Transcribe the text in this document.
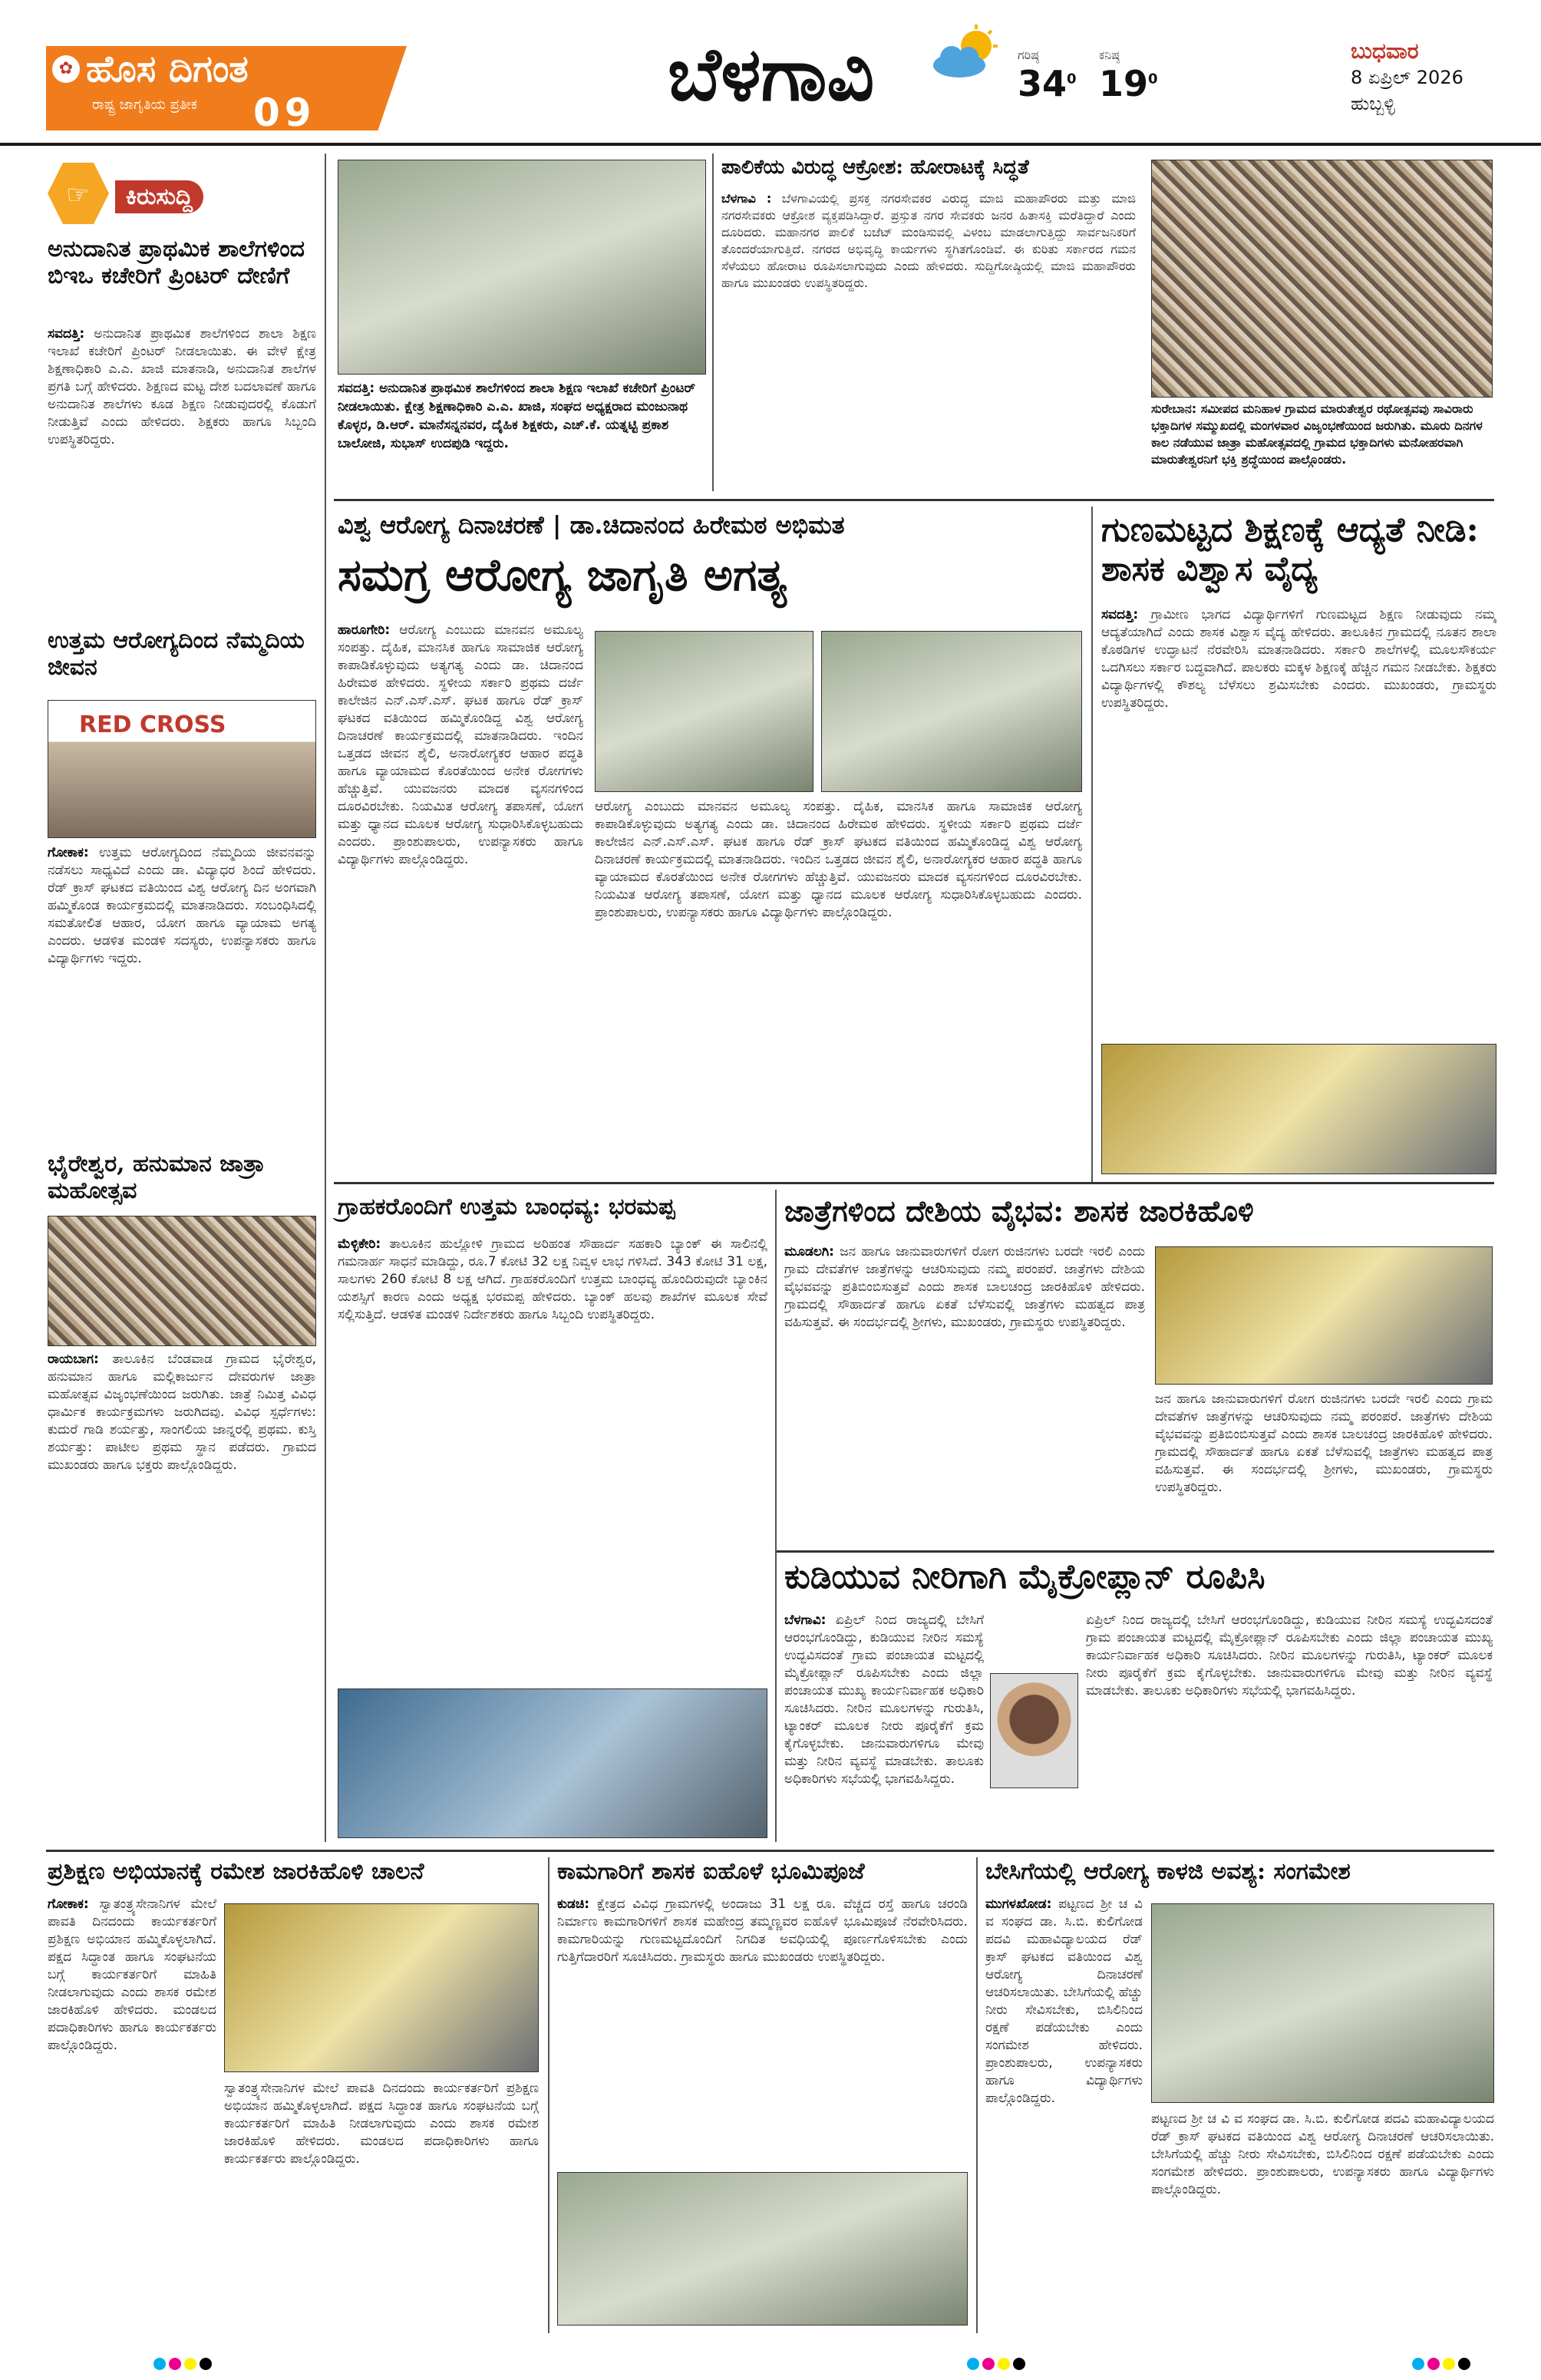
✿ ಹೊಸ ದಿಗಂತ
ರಾಷ್ಟ್ರ ಜಾಗೃತಿಯ ಪ್ರತೀಕ 09	ಬೆಳಗಾವಿ	ಗರಿಷ್ಠ
$34^0$
ಕನಿಷ್ಠ
$19^0$
ಬುಧವಾರ
8 ಏಪ್ರಿಲ್ 2026
ಹುಬ್ಬಳ್ಳಿ
☞	ಕಿರುಸುದ್ದಿ
ಅನುದಾನಿತ ಪ್ರಾಥಮಿಕ ಶಾಲೆಗಳಿಂದ ಬಿಇಒ ಕಚೇರಿಗೆ ಪ್ರಿಂಟರ್ ದೇಣಿಗೆ
ಸವದತ್ತಿ: ಅನುದಾನಿತ ಪ್ರಾಥಮಿಕ ಶಾಲೆಗಳಿಂದ ಶಾಲಾ ಶಿಕ್ಷಣ ಇಲಾಖೆ ಕಚೇರಿಗೆ ಪ್ರಿಂಟರ್ ನೀಡಲಾಯಿತು. ಈ ವೇಳೆ ಕ್ಷೇತ್ರ ಶಿಕ್ಷಣಾಧಿಕಾರಿ ಎ.ಎ. ಖಾಜಿ ಮಾತನಾಡಿ, ಅನುದಾನಿತ ಶಾಲೆಗಳ ಪ್ರಗತಿ ಬಗ್ಗೆ ಹೇಳಿದರು. ಶಿಕ್ಷಣದ ಮಟ್ಟ ದೇಶ ಬದಲಾವಣೆ ಹಾಗೂ ಅನುದಾನಿತ ಶಾಲೆಗಳು ಕೂಡ ಶಿಕ್ಷಣ ನೀಡುವುದರಲ್ಲಿ ಕೊಡುಗೆ ನೀಡುತ್ತಿವೆ ಎಂದು ಹೇಳಿದರು. ಶಿಕ್ಷಕರು ಹಾಗೂ ಸಿಬ್ಬಂದಿ ಉಪಸ್ಥಿತರಿದ್ದರು.
ಉತ್ತಮ ಆರೋಗ್ಯದಿಂದ ನೆಮ್ಮದಿಯ ಜೀವನ
RED CROSS
ಗೋಕಾಕ: ಉತ್ತಮ ಆರೋಗ್ಯದಿಂದ ನೆಮ್ಮದಿಯ ಜೀವನವನ್ನು ನಡೆಸಲು ಸಾಧ್ಯವಿದೆ ಎಂದು ಡಾ. ವಿದ್ಯಾಧರ ಶಿಂದೆ ಹೇಳಿದರು. ರೆಡ್ ಕ್ರಾಸ್ ಘಟಕದ ವತಿಯಿಂದ ವಿಶ್ವ ಆರೋಗ್ಯ ದಿನ ಅಂಗವಾಗಿ ಹಮ್ಮಿಕೊಂಡ ಕಾರ್ಯಕ್ರಮದಲ್ಲಿ ಮಾತನಾಡಿದರು. ಸಂಬಂಧಿಸಿದಲ್ಲಿ ಸಮತೋಲಿತ ಆಹಾರ, ಯೋಗ ಹಾಗೂ ವ್ಯಾಯಾಮ ಅಗತ್ಯ ಎಂದರು. ಆಡಳಿತ ಮಂಡಳಿ ಸದಸ್ಯರು, ಉಪನ್ಯಾಸಕರು ಹಾಗೂ ವಿದ್ಯಾರ್ಥಿಗಳು ಇದ್ದರು.
ಭೈರೇಶ್ವರ, ಹನುಮಾನ ಜಾತ್ರಾ ಮಹೋತ್ಸವ
ರಾಯಬಾಗ: ತಾಲೂಕಿನ ಬೆಂಡವಾಡ ಗ್ರಾಮದ ಭೈರೇಶ್ವರ, ಹನುಮಾನ ಹಾಗೂ ಮಲ್ಲಿಕಾರ್ಜುನ ದೇವರುಗಳ ಜಾತ್ರಾ ಮಹೋತ್ಸವ ವಿಜೃಂಭಣೆಯಿಂದ ಜರುಗಿತು. ಜಾತ್ರೆ ನಿಮಿತ್ತ ವಿವಿಧ ಧಾರ್ಮಿಕ ಕಾರ್ಯಕ್ರಮಗಳು ಜರುಗಿದವು. ವಿವಿಧ ಸ್ಪರ್ಧೆಗಳು: ಕುದುರೆ ಗಾಡಿ ಶರ್ಯತ್ತು, ಸಾಂಗಲಿಯ ಜಾನ್ನರಲ್ಲಿ ಪ್ರಥಮ. ಕುಸ್ತಿ ಶರ್ಯತ್ತು: ಪಾಟೀಲ ಪ್ರಥಮ ಸ್ಥಾನ ಪಡೆದರು. ಗ್ರಾಮದ ಮುಖಂಡರು ಹಾಗೂ ಭಕ್ತರು ಪಾಲ್ಗೊಂಡಿದ್ದರು.
ಸವದತ್ತಿ: ಅನುದಾನಿತ ಪ್ರಾಥಮಿಕ ಶಾಲೆಗಳಿಂದ ಶಾಲಾ ಶಿಕ್ಷಣ ಇಲಾಖೆ ಕಚೇರಿಗೆ ಪ್ರಿಂಟರ್ ನೀಡಲಾಯಿತು. ಕ್ಷೇತ್ರ ಶಿಕ್ಷಣಾಧಿಕಾರಿ ಎ.ಎ. ಖಾಜಿ, ಸಂಘದ ಅಧ್ಯಕ್ಷರಾದ ಮಂಜುನಾಥ ಕೊಳ್ಳರ, ಡಿ.ಆರ್. ಮಾನೆಸನ್ನನವರ, ದೈಹಿಕ ಶಿಕ್ಷಕರು, ಎಚ್.ಕೆ. ಯತ್ನಟ್ಟಿ ಪ್ರಕಾಶ ಬಾಲೋಜಿ, ಸುಭಾಸ್ ಉದಪುಡಿ ಇದ್ದರು.
ಪಾಲಿಕೆಯ ವಿರುದ್ಧ ಆಕ್ರೋಶ: ಹೋರಾಟಕ್ಕೆ ಸಿದ್ಧತೆ
ಬೆಳಗಾವಿ : ಬೆಳಗಾವಿಯಲ್ಲಿ ಪ್ರಸಕ್ತ ನಗರಸೇವಕರ ವಿರುದ್ಧ ಮಾಜಿ ಮಹಾಪೌರರು ಮತ್ತು ಮಾಜಿ ನಗರಸೇವಕರು ಆಕ್ರೋಶ ವ್ಯಕ್ತಪಡಿಸಿದ್ದಾರೆ. ಪ್ರಸ್ತುತ ನಗರ ಸೇವಕರು ಜನರ ಹಿತಾಸಕ್ತಿ ಮರೆತಿದ್ದಾರೆ ಎಂದು ದೂರಿದರು. ಮಹಾನಗರ ಪಾಲಿಕೆ ಬಜೆಟ್ ಮಂಡಿಸುವಲ್ಲಿ ವಿಳಂಬ ಮಾಡಲಾಗುತ್ತಿದ್ದು ಸಾರ್ವಜನಿಕರಿಗೆ ತೊಂದರೆಯಾಗುತ್ತಿದೆ. ನಗರದ ಅಭಿವೃದ್ಧಿ ಕಾರ್ಯಗಳು ಸ್ಥಗಿತಗೊಂಡಿವೆ. ಈ ಕುರಿತು ಸರ್ಕಾರದ ಗಮನ ಸೆಳೆಯಲು ಹೋರಾಟ ರೂಪಿಸಲಾಗುವುದು ಎಂದು ಹೇಳಿದರು. ಸುದ್ದಿಗೋಷ್ಠಿಯಲ್ಲಿ ಮಾಜಿ ಮಹಾಪೌರರು ಹಾಗೂ ಮುಖಂಡರು ಉಪಸ್ಥಿತರಿದ್ದರು.
ಸುರೇಬಾನ: ಸಮೀಪದ ಮನಿಹಾಳ ಗ್ರಾಮದ ಮಾರುತೇಶ್ವರ ರಥೋತ್ಸವವು ಸಾವಿರಾರು ಭಕ್ತಾದಿಗಳ ಸಮ್ಮುಖದಲ್ಲಿ ಮಂಗಳವಾರ ವಿಜೃಂಭಣೆಯಿಂದ ಜರುಗಿತು. ಮೂರು ದಿನಗಳ ಕಾಲ ನಡೆಯುವ ಜಾತ್ರಾ ಮಹೋತ್ಸವದಲ್ಲಿ ಗ್ರಾಮದ ಭಕ್ತಾದಿಗಳು ಮನೋಹರವಾಗಿ ಮಾರುತೇಶ್ವರನಿಗೆ ಭಕ್ತಿ ಶ್ರದ್ಧೆಯಿಂದ ಪಾಲ್ಗೊಂಡರು.
ವಿಶ್ವ ಆರೋಗ್ಯ ದಿನಾಚರಣೆ | ಡಾ.ಚಿದಾನಂದ ಹಿರೇಮಠ ಅಭಿಮತ
ಸಮಗ್ರ ಆರೋಗ್ಯ ಜಾಗೃತಿ ಅಗತ್ಯ
ಹಾರೂಗೇರಿ: ಆರೋಗ್ಯ ಎಂಬುದು ಮಾನವನ ಅಮೂಲ್ಯ ಸಂಪತ್ತು. ದೈಹಿಕ, ಮಾನಸಿಕ ಹಾಗೂ ಸಾಮಾಜಿಕ ಆರೋಗ್ಯ ಕಾಪಾಡಿಕೊಳ್ಳುವುದು ಅತ್ಯಗತ್ಯ ಎಂದು ಡಾ. ಚಿದಾನಂದ ಹಿರೇಮಠ ಹೇಳಿದರು. ಸ್ಥಳೀಯ ಸರ್ಕಾರಿ ಪ್ರಥಮ ದರ್ಜೆ ಕಾಲೇಜಿನ ಎನ್.ಎಸ್.ಎಸ್. ಘಟಕ ಹಾಗೂ ರೆಡ್ ಕ್ರಾಸ್ ಘಟಕದ ವತಿಯಿಂದ ಹಮ್ಮಿಕೊಂಡಿದ್ದ ವಿಶ್ವ ಆರೋಗ್ಯ ದಿನಾಚರಣೆ ಕಾರ್ಯಕ್ರಮದಲ್ಲಿ ಮಾತನಾಡಿದರು. ಇಂದಿನ ಒತ್ತಡದ ಜೀವನ ಶೈಲಿ, ಅನಾರೋಗ್ಯಕರ ಆಹಾರ ಪದ್ಧತಿ ಹಾಗೂ ವ್ಯಾಯಾಮದ ಕೊರತೆಯಿಂದ ಅನೇಕ ರೋಗಗಳು ಹೆಚ್ಚುತ್ತಿವೆ. ಯುವಜನರು ಮಾದಕ ವ್ಯಸನಗಳಿಂದ ದೂರವಿರಬೇಕು. ನಿಯಮಿತ ಆರೋಗ್ಯ ತಪಾಸಣೆ, ಯೋಗ ಮತ್ತು ಧ್ಯಾನದ ಮೂಲಕ ಆರೋಗ್ಯ ಸುಧಾರಿಸಿಕೊಳ್ಳಬಹುದು ಎಂದರು. ಪ್ರಾಂಶುಪಾಲರು, ಉಪನ್ಯಾಸಕರು ಹಾಗೂ ವಿದ್ಯಾರ್ಥಿಗಳು ಪಾಲ್ಗೊಂಡಿದ್ದರು.
ಆರೋಗ್ಯ ಎಂಬುದು ಮಾನವನ ಅಮೂಲ್ಯ ಸಂಪತ್ತು. ದೈಹಿಕ, ಮಾನಸಿಕ ಹಾಗೂ ಸಾಮಾಜಿಕ ಆರೋಗ್ಯ ಕಾಪಾಡಿಕೊಳ್ಳುವುದು ಅತ್ಯಗತ್ಯ ಎಂದು ಡಾ. ಚಿದಾನಂದ ಹಿರೇಮಠ ಹೇಳಿದರು. ಸ್ಥಳೀಯ ಸರ್ಕಾರಿ ಪ್ರಥಮ ದರ್ಜೆ ಕಾಲೇಜಿನ ಎನ್.ಎಸ್.ಎಸ್. ಘಟಕ ಹಾಗೂ ರೆಡ್ ಕ್ರಾಸ್ ಘಟಕದ ವತಿಯಿಂದ ಹಮ್ಮಿಕೊಂಡಿದ್ದ ವಿಶ್ವ ಆರೋಗ್ಯ ದಿನಾಚರಣೆ ಕಾರ್ಯಕ್ರಮದಲ್ಲಿ ಮಾತನಾಡಿದರು. ಇಂದಿನ ಒತ್ತಡದ ಜೀವನ ಶೈಲಿ, ಅನಾರೋಗ್ಯಕರ ಆಹಾರ ಪದ್ಧತಿ ಹಾಗೂ ವ್ಯಾಯಾಮದ ಕೊರತೆಯಿಂದ ಅನೇಕ ರೋಗಗಳು ಹೆಚ್ಚುತ್ತಿವೆ. ಯುವಜನರು ಮಾದಕ ವ್ಯಸನಗಳಿಂದ ದೂರವಿರಬೇಕು. ನಿಯಮಿತ ಆರೋಗ್ಯ ತಪಾಸಣೆ, ಯೋಗ ಮತ್ತು ಧ್ಯಾನದ ಮೂಲಕ ಆರೋಗ್ಯ ಸುಧಾರಿಸಿಕೊಳ್ಳಬಹುದು ಎಂದರು. ಪ್ರಾಂಶುಪಾಲರು, ಉಪನ್ಯಾಸಕರು ಹಾಗೂ ವಿದ್ಯಾರ್ಥಿಗಳು ಪಾಲ್ಗೊಂಡಿದ್ದರು.
ಗುಣಮಟ್ಟದ ಶಿಕ್ಷಣಕ್ಕೆ ಆದ್ಯತೆ ನೀಡಿ: ಶಾಸಕ ವಿಶ್ವಾಸ ವೈದ್ಯ
ಸವದತ್ತಿ: ಗ್ರಾಮೀಣ ಭಾಗದ ವಿದ್ಯಾರ್ಥಿಗಳಿಗೆ ಗುಣಮಟ್ಟದ ಶಿಕ್ಷಣ ನೀಡುವುದು ನಮ್ಮ ಆದ್ಯತೆಯಾಗಿದೆ ಎಂದು ಶಾಸಕ ವಿಶ್ವಾಸ ವೈದ್ಯ ಹೇಳಿದರು. ತಾಲೂಕಿನ ಗ್ರಾಮದಲ್ಲಿ ನೂತನ ಶಾಲಾ ಕೊಠಡಿಗಳ ಉದ್ಘಾಟನೆ ನೆರವೇರಿಸಿ ಮಾತನಾಡಿದರು. ಸರ್ಕಾರಿ ಶಾಲೆಗಳಲ್ಲಿ ಮೂಲಸೌಕರ್ಯ ಒದಗಿಸಲು ಸರ್ಕಾರ ಬದ್ಧವಾಗಿದೆ. ಪಾಲಕರು ಮಕ್ಕಳ ಶಿಕ್ಷಣಕ್ಕೆ ಹೆಚ್ಚಿನ ಗಮನ ನೀಡಬೇಕು. ಶಿಕ್ಷಕರು ವಿದ್ಯಾರ್ಥಿಗಳಲ್ಲಿ ಕೌಶಲ್ಯ ಬೆಳೆಸಲು ಶ್ರಮಿಸಬೇಕು ಎಂದರು. ಮುಖಂಡರು, ಗ್ರಾಮಸ್ಥರು ಉಪಸ್ಥಿತರಿದ್ದರು.
ಗ್ರಾಹಕರೊಂದಿಗೆ ಉತ್ತಮ ಬಾಂಧವ್ಯ: ಭರಮಪ್ಪ
ಮೆಳ್ಳಿಕೇರಿ: ತಾಲೂಕಿನ ಹುಲ್ಲೋಳಿ ಗ್ರಾಮದ ಅರಿಹಂತ ಸೌಹಾರ್ದ ಸಹಕಾರಿ ಬ್ಯಾಂಕ್ ಈ ಸಾಲಿನಲ್ಲಿ ಗಮನಾರ್ಹ ಸಾಧನೆ ಮಾಡಿದ್ದು, ರೂ.7 ಕೋಟಿ 32 ಲಕ್ಷ ನಿವ್ವಳ ಲಾಭ ಗಳಿಸಿದೆ. 343 ಕೋಟಿ 31 ಲಕ್ಷ, ಸಾಲಗಳು 260 ಕೋಟಿ 8 ಲಕ್ಷ ಆಗಿದೆ. ಗ್ರಾಹಕರೊಂದಿಗೆ ಉತ್ತಮ ಬಾಂಧವ್ಯ ಹೊಂದಿರುವುದೇ ಬ್ಯಾಂಕಿನ ಯಶಸ್ಸಿಗೆ ಕಾರಣ ಎಂದು ಅಧ್ಯಕ್ಷ ಭರಮಪ್ಪ ಹೇಳಿದರು. ಬ್ಯಾಂಕ್ ಹಲವು ಶಾಖೆಗಳ ಮೂಲಕ ಸೇವೆ ಸಲ್ಲಿಸುತ್ತಿದೆ. ಆಡಳಿತ ಮಂಡಳಿ ನಿರ್ದೇಶಕರು ಹಾಗೂ ಸಿಬ್ಬಂದಿ ಉಪಸ್ಥಿತರಿದ್ದರು.
ಜಾತ್ರೆಗಳಿಂದ ದೇಶಿಯ ವೈಭವ: ಶಾಸಕ ಜಾರಕಿಹೊಳಿ
ಮೂಡಲಗಿ: ಜನ ಹಾಗೂ ಜಾನುವಾರುಗಳಿಗೆ ರೋಗ ರುಜಿನಗಳು ಬರದೇ ಇರಲಿ ಎಂದು ಗ್ರಾಮ ದೇವತೆಗಳ ಜಾತ್ರೆಗಳನ್ನು ಆಚರಿಸುವುದು ನಮ್ಮ ಪರಂಪರೆ. ಜಾತ್ರೆಗಳು ದೇಶಿಯ ವೈಭವವನ್ನು ಪ್ರತಿಬಿಂಬಿಸುತ್ತವೆ ಎಂದು ಶಾಸಕ ಬಾಲಚಂದ್ರ ಜಾರಕಿಹೊಳಿ ಹೇಳಿದರು. ಗ್ರಾಮದಲ್ಲಿ ಸೌಹಾರ್ದತೆ ಹಾಗೂ ಏಕತೆ ಬೆಳೆಸುವಲ್ಲಿ ಜಾತ್ರೆಗಳು ಮಹತ್ವದ ಪಾತ್ರ ವಹಿಸುತ್ತವೆ. ಈ ಸಂದರ್ಭದಲ್ಲಿ ಶ್ರೀಗಳು, ಮುಖಂಡರು, ಗ್ರಾಮಸ್ಥರು ಉಪಸ್ಥಿತರಿದ್ದರು.
ಜನ ಹಾಗೂ ಜಾನುವಾರುಗಳಿಗೆ ರೋಗ ರುಜಿನಗಳು ಬರದೇ ಇರಲಿ ಎಂದು ಗ್ರಾಮ ದೇವತೆಗಳ ಜಾತ್ರೆಗಳನ್ನು ಆಚರಿಸುವುದು ನಮ್ಮ ಪರಂಪರೆ. ಜಾತ್ರೆಗಳು ದೇಶಿಯ ವೈಭವವನ್ನು ಪ್ರತಿಬಿಂಬಿಸುತ್ತವೆ ಎಂದು ಶಾಸಕ ಬಾಲಚಂದ್ರ ಜಾರಕಿಹೊಳಿ ಹೇಳಿದರು. ಗ್ರಾಮದಲ್ಲಿ ಸೌಹಾರ್ದತೆ ಹಾಗೂ ಏಕತೆ ಬೆಳೆಸುವಲ್ಲಿ ಜಾತ್ರೆಗಳು ಮಹತ್ವದ ಪಾತ್ರ ವಹಿಸುತ್ತವೆ. ಈ ಸಂದರ್ಭದಲ್ಲಿ ಶ್ರೀಗಳು, ಮುಖಂಡರು, ಗ್ರಾಮಸ್ಥರು ಉಪಸ್ಥಿತರಿದ್ದರು.
ಕುಡಿಯುವ ನೀರಿಗಾಗಿ ಮೈಕ್ರೋಪ್ಲಾನ್ ರೂಪಿಸಿ
ಬೆಳಗಾವಿ: ಏಪ್ರಿಲ್ ನಿಂದ ರಾಜ್ಯದಲ್ಲಿ ಬೇಸಿಗೆ ಆರಂಭಗೊಂಡಿದ್ದು, ಕುಡಿಯುವ ನೀರಿನ ಸಮಸ್ಯೆ ಉದ್ಭವಿಸದಂತೆ ಗ್ರಾಮ ಪಂಚಾಯತ ಮಟ್ಟದಲ್ಲಿ ಮೈಕ್ರೋಪ್ಲಾನ್ ರೂಪಿಸಬೇಕು ಎಂದು ಜಿಲ್ಲಾ ಪಂಚಾಯತ ಮುಖ್ಯ ಕಾರ್ಯನಿರ್ವಾಹಕ ಅಧಿಕಾರಿ ಸೂಚಿಸಿದರು. ನೀರಿನ ಮೂಲಗಳನ್ನು ಗುರುತಿಸಿ, ಟ್ಯಾಂಕರ್ ಮೂಲಕ ನೀರು ಪೂರೈಕೆಗೆ ಕ್ರಮ ಕೈಗೊಳ್ಳಬೇಕು. ಜಾನುವಾರುಗಳಿಗೂ ಮೇವು ಮತ್ತು ನೀರಿನ ವ್ಯವಸ್ಥೆ ಮಾಡಬೇಕು. ತಾಲೂಕು ಅಧಿಕಾರಿಗಳು ಸಭೆಯಲ್ಲಿ ಭಾಗವಹಿಸಿದ್ದರು.
ಏಪ್ರಿಲ್ ನಿಂದ ರಾಜ್ಯದಲ್ಲಿ ಬೇಸಿಗೆ ಆರಂಭಗೊಂಡಿದ್ದು, ಕುಡಿಯುವ ನೀರಿನ ಸಮಸ್ಯೆ ಉದ್ಭವಿಸದಂತೆ ಗ್ರಾಮ ಪಂಚಾಯತ ಮಟ್ಟದಲ್ಲಿ ಮೈಕ್ರೋಪ್ಲಾನ್ ರೂಪಿಸಬೇಕು ಎಂದು ಜಿಲ್ಲಾ ಪಂಚಾಯತ ಮುಖ್ಯ ಕಾರ್ಯನಿರ್ವಾಹಕ ಅಧಿಕಾರಿ ಸೂಚಿಸಿದರು. ನೀರಿನ ಮೂಲಗಳನ್ನು ಗುರುತಿಸಿ, ಟ್ಯಾಂಕರ್ ಮೂಲಕ ನೀರು ಪೂರೈಕೆಗೆ ಕ್ರಮ ಕೈಗೊಳ್ಳಬೇಕು. ಜಾನುವಾರುಗಳಿಗೂ ಮೇವು ಮತ್ತು ನೀರಿನ ವ್ಯವಸ್ಥೆ ಮಾಡಬೇಕು. ತಾಲೂಕು ಅಧಿಕಾರಿಗಳು ಸಭೆಯಲ್ಲಿ ಭಾಗವಹಿಸಿದ್ದರು.
ಪ್ರಶಿಕ್ಷಣ ಅಭಿಯಾನಕ್ಕೆ ರಮೇಶ ಜಾರಕಿಹೊಳಿ ಚಾಲನೆ
ಗೋಕಾಕ: ಸ್ವಾತಂತ್ರ್ಯಸೇನಾನಿಗಳ ಮೇಲೆ ಪಾವತಿ ದಿನದಂದು ಕಾರ್ಯಕರ್ತರಿಗೆ ಪ್ರಶಿಕ್ಷಣ ಅಭಿಯಾನ ಹಮ್ಮಿಕೊಳ್ಳಲಾಗಿದೆ. ಪಕ್ಷದ ಸಿದ್ಧಾಂತ ಹಾಗೂ ಸಂಘಟನೆಯ ಬಗ್ಗೆ ಕಾರ್ಯಕರ್ತರಿಗೆ ಮಾಹಿತಿ ನೀಡಲಾಗುವುದು ಎಂದು ಶಾಸಕ ರಮೇಶ ಜಾರಕಿಹೊಳಿ ಹೇಳಿದರು. ಮಂಡಲದ ಪದಾಧಿಕಾರಿಗಳು ಹಾಗೂ ಕಾರ್ಯಕರ್ತರು ಪಾಲ್ಗೊಂಡಿದ್ದರು.
ಸ್ವಾತಂತ್ರ್ಯಸೇನಾನಿಗಳ ಮೇಲೆ ಪಾವತಿ ದಿನದಂದು ಕಾರ್ಯಕರ್ತರಿಗೆ ಪ್ರಶಿಕ್ಷಣ ಅಭಿಯಾನ ಹಮ್ಮಿಕೊಳ್ಳಲಾಗಿದೆ. ಪಕ್ಷದ ಸಿದ್ಧಾಂತ ಹಾಗೂ ಸಂಘಟನೆಯ ಬಗ್ಗೆ ಕಾರ್ಯಕರ್ತರಿಗೆ ಮಾಹಿತಿ ನೀಡಲಾಗುವುದು ಎಂದು ಶಾಸಕ ರಮೇಶ ಜಾರಕಿಹೊಳಿ ಹೇಳಿದರು. ಮಂಡಲದ ಪದಾಧಿಕಾರಿಗಳು ಹಾಗೂ ಕಾರ್ಯಕರ್ತರು ಪಾಲ್ಗೊಂಡಿದ್ದರು.
ಕಾಮಗಾರಿಗೆ ಶಾಸಕ ಐಹೊಳೆ ಭೂಮಿಪೂಜೆ
ಕುಡಚಿ: ಕ್ಷೇತ್ರದ ವಿವಿಧ ಗ್ರಾಮಗಳಲ್ಲಿ ಅಂದಾಜು 31 ಲಕ್ಷ ರೂ. ವೆಚ್ಚದ ರಸ್ತೆ ಹಾಗೂ ಚರಂಡಿ ನಿರ್ಮಾಣ ಕಾಮಗಾರಿಗಳಿಗೆ ಶಾಸಕ ಮಹೇಂದ್ರ ತಮ್ಮಣ್ಣವರ ಐಹೊಳೆ ಭೂಮಿಪೂಜೆ ನೆರವೇರಿಸಿದರು. ಕಾಮಗಾರಿಯನ್ನು ಗುಣಮಟ್ಟದೊಂದಿಗೆ ನಿಗದಿತ ಅವಧಿಯಲ್ಲಿ ಪೂರ್ಣಗೊಳಿಸಬೇಕು ಎಂದು ಗುತ್ತಿಗೆದಾರರಿಗೆ ಸೂಚಿಸಿದರು. ಗ್ರಾಮಸ್ಥರು ಹಾಗೂ ಮುಖಂಡರು ಉಪಸ್ಥಿತರಿದ್ದರು.
ಬೇಸಿಗೆಯಲ್ಲಿ ಆರೋಗ್ಯ ಕಾಳಜಿ ಅವಶ್ಯ: ಸಂಗಮೇಶ
ಮುಗಳಖೋಡ: ಪಟ್ಟಣದ ಶ್ರೀ ಚ ವಿ ವ ಸಂಘದ ಡಾ. ಸಿ.ಬಿ. ಕುಲಿಗೋಡ ಪದವಿ ಮಹಾವಿದ್ಯಾಲಯದ ರೆಡ್ ಕ್ರಾಸ್ ಘಟಕದ ವತಿಯಿಂದ ವಿಶ್ವ ಆರೋಗ್ಯ ದಿನಾಚರಣೆ ಆಚರಿಸಲಾಯಿತು. ಬೇಸಿಗೆಯಲ್ಲಿ ಹೆಚ್ಚು ನೀರು ಸೇವಿಸಬೇಕು, ಬಿಸಿಲಿನಿಂದ ರಕ್ಷಣೆ ಪಡೆಯಬೇಕು ಎಂದು ಸಂಗಮೇಶ ಹೇಳಿದರು. ಪ್ರಾಂಶುಪಾಲರು, ಉಪನ್ಯಾಸಕರು ಹಾಗೂ ವಿದ್ಯಾರ್ಥಿಗಳು ಪಾಲ್ಗೊಂಡಿದ್ದರು.
ಪಟ್ಟಣದ ಶ್ರೀ ಚ ವಿ ವ ಸಂಘದ ಡಾ. ಸಿ.ಬಿ. ಕುಲಿಗೋಡ ಪದವಿ ಮಹಾವಿದ್ಯಾಲಯದ ರೆಡ್ ಕ್ರಾಸ್ ಘಟಕದ ವತಿಯಿಂದ ವಿಶ್ವ ಆರೋಗ್ಯ ದಿನಾಚರಣೆ ಆಚರಿಸಲಾಯಿತು. ಬೇಸಿಗೆಯಲ್ಲಿ ಹೆಚ್ಚು ನೀರು ಸೇವಿಸಬೇಕು, ಬಿಸಿಲಿನಿಂದ ರಕ್ಷಣೆ ಪಡೆಯಬೇಕು ಎಂದು ಸಂಗಮೇಶ ಹೇಳಿದರು. ಪ್ರಾಂಶುಪಾಲರು, ಉಪನ್ಯಾಸಕರು ಹಾಗೂ ವಿದ್ಯಾರ್ಥಿಗಳು ಪಾಲ್ಗೊಂಡಿದ್ದರು.
